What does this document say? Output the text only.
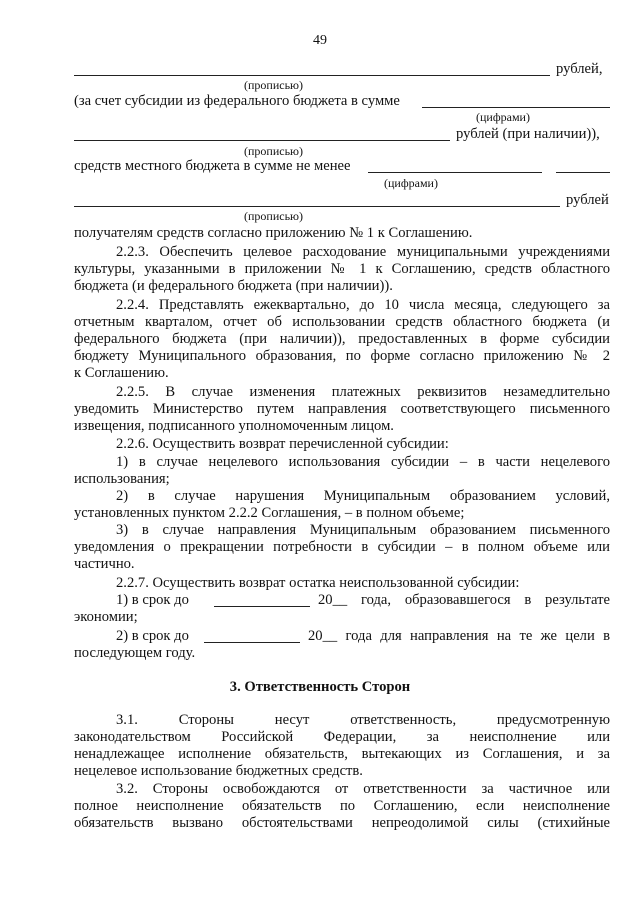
49
рублей,
(прописью)
(за счет субсидии из федерального бюджета в сумме
(цифрами)
рублей (при наличии)),
(прописью)
средств местного бюджета в сумме не менее
(цифрами)
рублей
(прописью)
получателям средств согласно приложению № 1 к Соглашению.
2.2.3. Обеспечить целевое расходование муниципальными учреждениями
культуры, указанными в приложении № 1 к Соглашению, средств областного
бюджета (и федерального бюджета (при наличии)).
2.2.4. Представлять ежеквартально, до 10 числа месяца, следующего за
отчетным кварталом, отчет об использовании средств областного бюджета (и
федерального бюджета (при наличии)), предоставленных в форме субсидии
бюджету Муниципального образования, по форме согласно приложению № 2
к Соглашению.
2.2.5. В случае изменения платежных реквизитов незамедлительно
уведомить Министерство путем направления соответствующего письменного
извещения, подписанного уполномоченным лицом.
2.2.6. Осуществить возврат перечисленной субсидии:
1) в случае нецелевого использования субсидии – в части нецелевого
использования;
2) в случае нарушения Муниципальным образованием условий,
установленных пунктом 2.2.2 Соглашения, – в полном объеме;
3) в случае направления Муниципальным образованием письменного
уведомления о прекращении потребности в субсидии – в полном объеме или
частично.
2.2.7. Осуществить возврат остатка неиспользованной субсидии:
1) в срок до	20__ года, образовавшегося в результате
экономии;
2) в срок до	20__ года для направления на те же цели в
последующем году.
3. Ответственность Сторон
3.1. Стороны несут ответственность, предусмотренную
законодательством Российской Федерации, за неисполнение или
ненадлежащее исполнение обязательств, вытекающих из Соглашения, и за
нецелевое использование бюджетных средств.
3.2. Стороны освобождаются от ответственности за частичное или
полное неисполнение обязательств по Соглашению, если неисполнение
обязательств вызвано обстоятельствами непреодолимой силы (стихийные
